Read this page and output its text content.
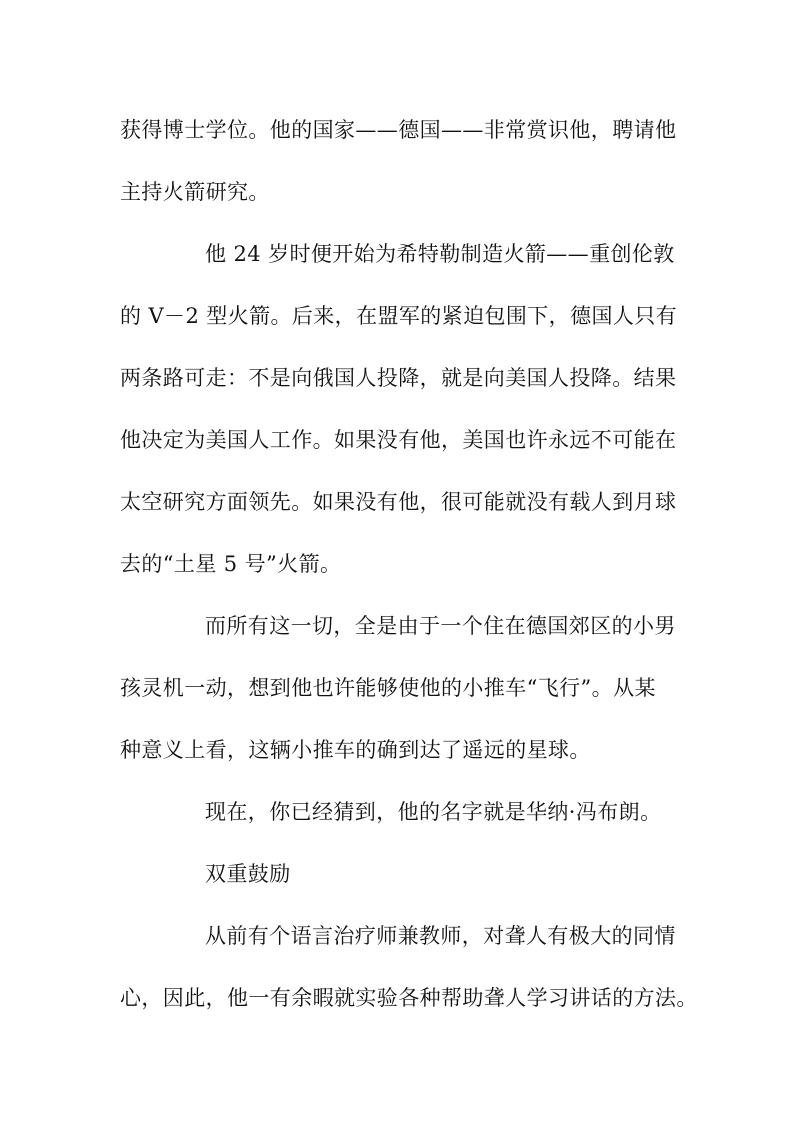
获得博士学位。他的国家——德国——非常赏识他，聘请他
主持火箭研究。
他 24 岁时便开始为希特勒制造火箭——重创伦敦
的 V－2 型火箭。后来，在盟军的紧迫包围下，德国人只有
两条路可走：不是向俄国人投降，就是向美国人投降。结果
他决定为美国人工作。如果没有他，美国也许永远不可能在
太空研究方面领先。如果没有他，很可能就没有载人到月球
去的“土星 5 号”火箭。
而所有这一切，全是由于一个住在德国郊区的小男
孩灵机一动，想到他也许能够使他的小推车“飞行”。从某
种意义上看，这辆小推车的确到达了遥远的星球。
现在，你已经猜到，他的名字就是华纳·冯布朗。
双重鼓励
从前有个语言治疗师兼教师，对聋人有极大的同情
心，因此，他一有余暇就实验各种帮助聋人学习讲话的方法。
